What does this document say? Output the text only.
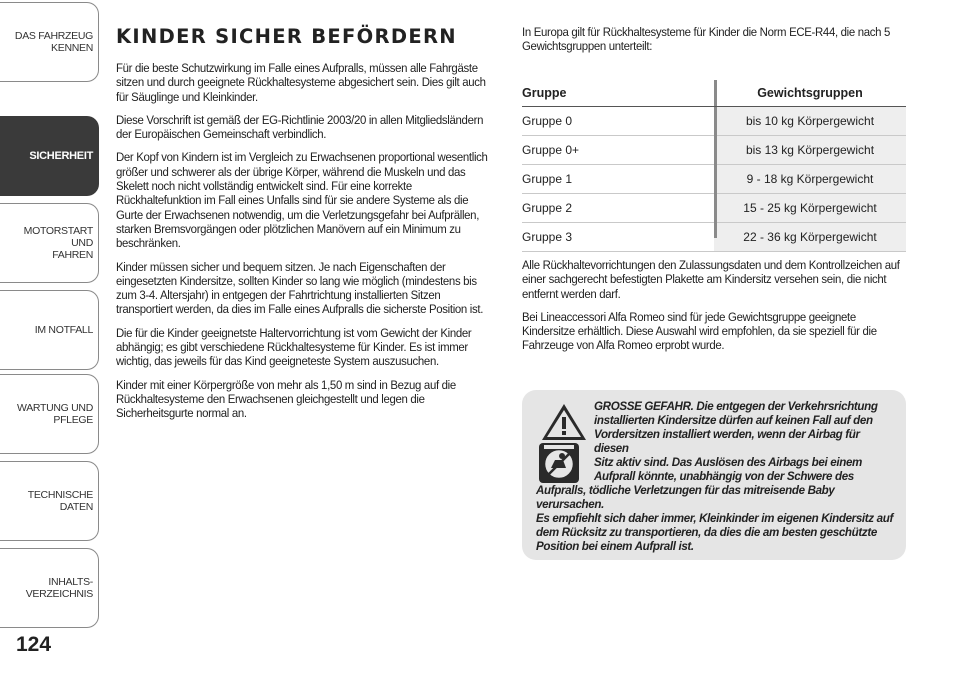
DAS FAHRZEUG
KENNEN
SICHERHEIT
MOTORSTART UND
FAHREN
IM NOTFALL
WARTUNG UND
PFLEGE
TECHNISCHE DATEN
INHALTS-
VERZEICHNIS
124
KINDER SICHER BEFÖRDERN

Für die beste Schutzwirkung im Falle eines Aufpralls, müssen alle Fahrgäste sitzen und durch geeignete Rückhaltesysteme abgesichert sein. Dies gilt auch für Säuglinge und Kleinkinder.

Diese Vorschrift ist gemäß der EG-Richtlinie 2003/20 in allen Mitgliedsländern der Europäischen Gemeinschaft verbindlich.

Der Kopf von Kindern ist im Vergleich zu Erwachsenen proportional wesentlich größer und schwerer als der übrige Körper, während die Muskeln und das Skelett noch nicht vollständig entwickelt sind. Für eine korrekte Rückhaltefunktion im Fall eines Unfalls sind für sie andere Systeme als die Gurte der Erwachsenen notwendig, um die Verletzungsgefahr bei Aufprällen, starken Bremsvorgängen oder plötzlichen Manövern auf ein Minimum zu beschränken.

Kinder müssen sicher und bequem sitzen. Je nach Eigenschaften der eingesetzten Kindersitze, sollten Kinder so lang wie möglich (mindestens bis zum 3-4. Altersjahr) in entgegen der Fahrtrichtung installierten Sitzen transportiert werden, da dies im Falle eines Aufpralls die sicherste Position ist.

Die für die Kinder geeignetste Haltervorrichtung ist vom Gewicht der Kinder abhängig; es gibt verschiedene Rückhaltesysteme für Kinder. Es ist immer wichtig, das jeweils für das Kind geeigneteste System auszusuchen.

Kinder mit einer Körpergröße von mehr als 1,50 m sind in Bezug auf die Rückhaltesysteme den Erwachsenen gleichgestellt und legen die Sicherheitsgurte normal an.

In Europa gilt für Rückhaltesysteme für Kinder die Norm ECE-R44, die nach 5 Gewichtsgruppen unterteilt:

Gruppe	Gewichtsgruppen
Gruppe 0	bis 10 kg Körpergewicht
Gruppe 0+	bis 13 kg Körpergewicht
Gruppe 1	9 - 18 kg Körpergewicht
Gruppe 2	15 - 25 kg Körpergewicht
Gruppe 3	22 - 36 kg Körpergewicht

Alle Rückhaltevorrichtungen den Zulassungsdaten und dem Kontrollzeichen auf einer sachgerecht befestigten Plakette am Kindersitz versehen sein, die nicht entfernt werden darf.

Bei Lineaccessori Alfa Romeo sind für jede Gewichtsgruppe geeignete Kindersitze erhältlich. Diese Auswahl wird empfohlen, da sie speziell für die Fahrzeuge von Alfa Romeo erprobt wurde.

GROSSE GEFAHR. Die entgegen der Verkehrsrichtung
installierten Kindersitze dürfen auf keinen Fall auf den
Vordersitzen installiert werden, wenn der Airbag für diesen
Sitz aktiv sind. Das Auslösen des Airbags bei einem
Aufprall könnte, unabhängig von der Schwere des
Aufpralls, tödliche Verletzungen für das mitreisende Baby verursachen.
Es empfiehlt sich daher immer, Kleinkinder im eigenen Kindersitz auf
dem Rücksitz zu transportieren, da dies die am besten geschützte
Position bei einem Aufprall ist.
